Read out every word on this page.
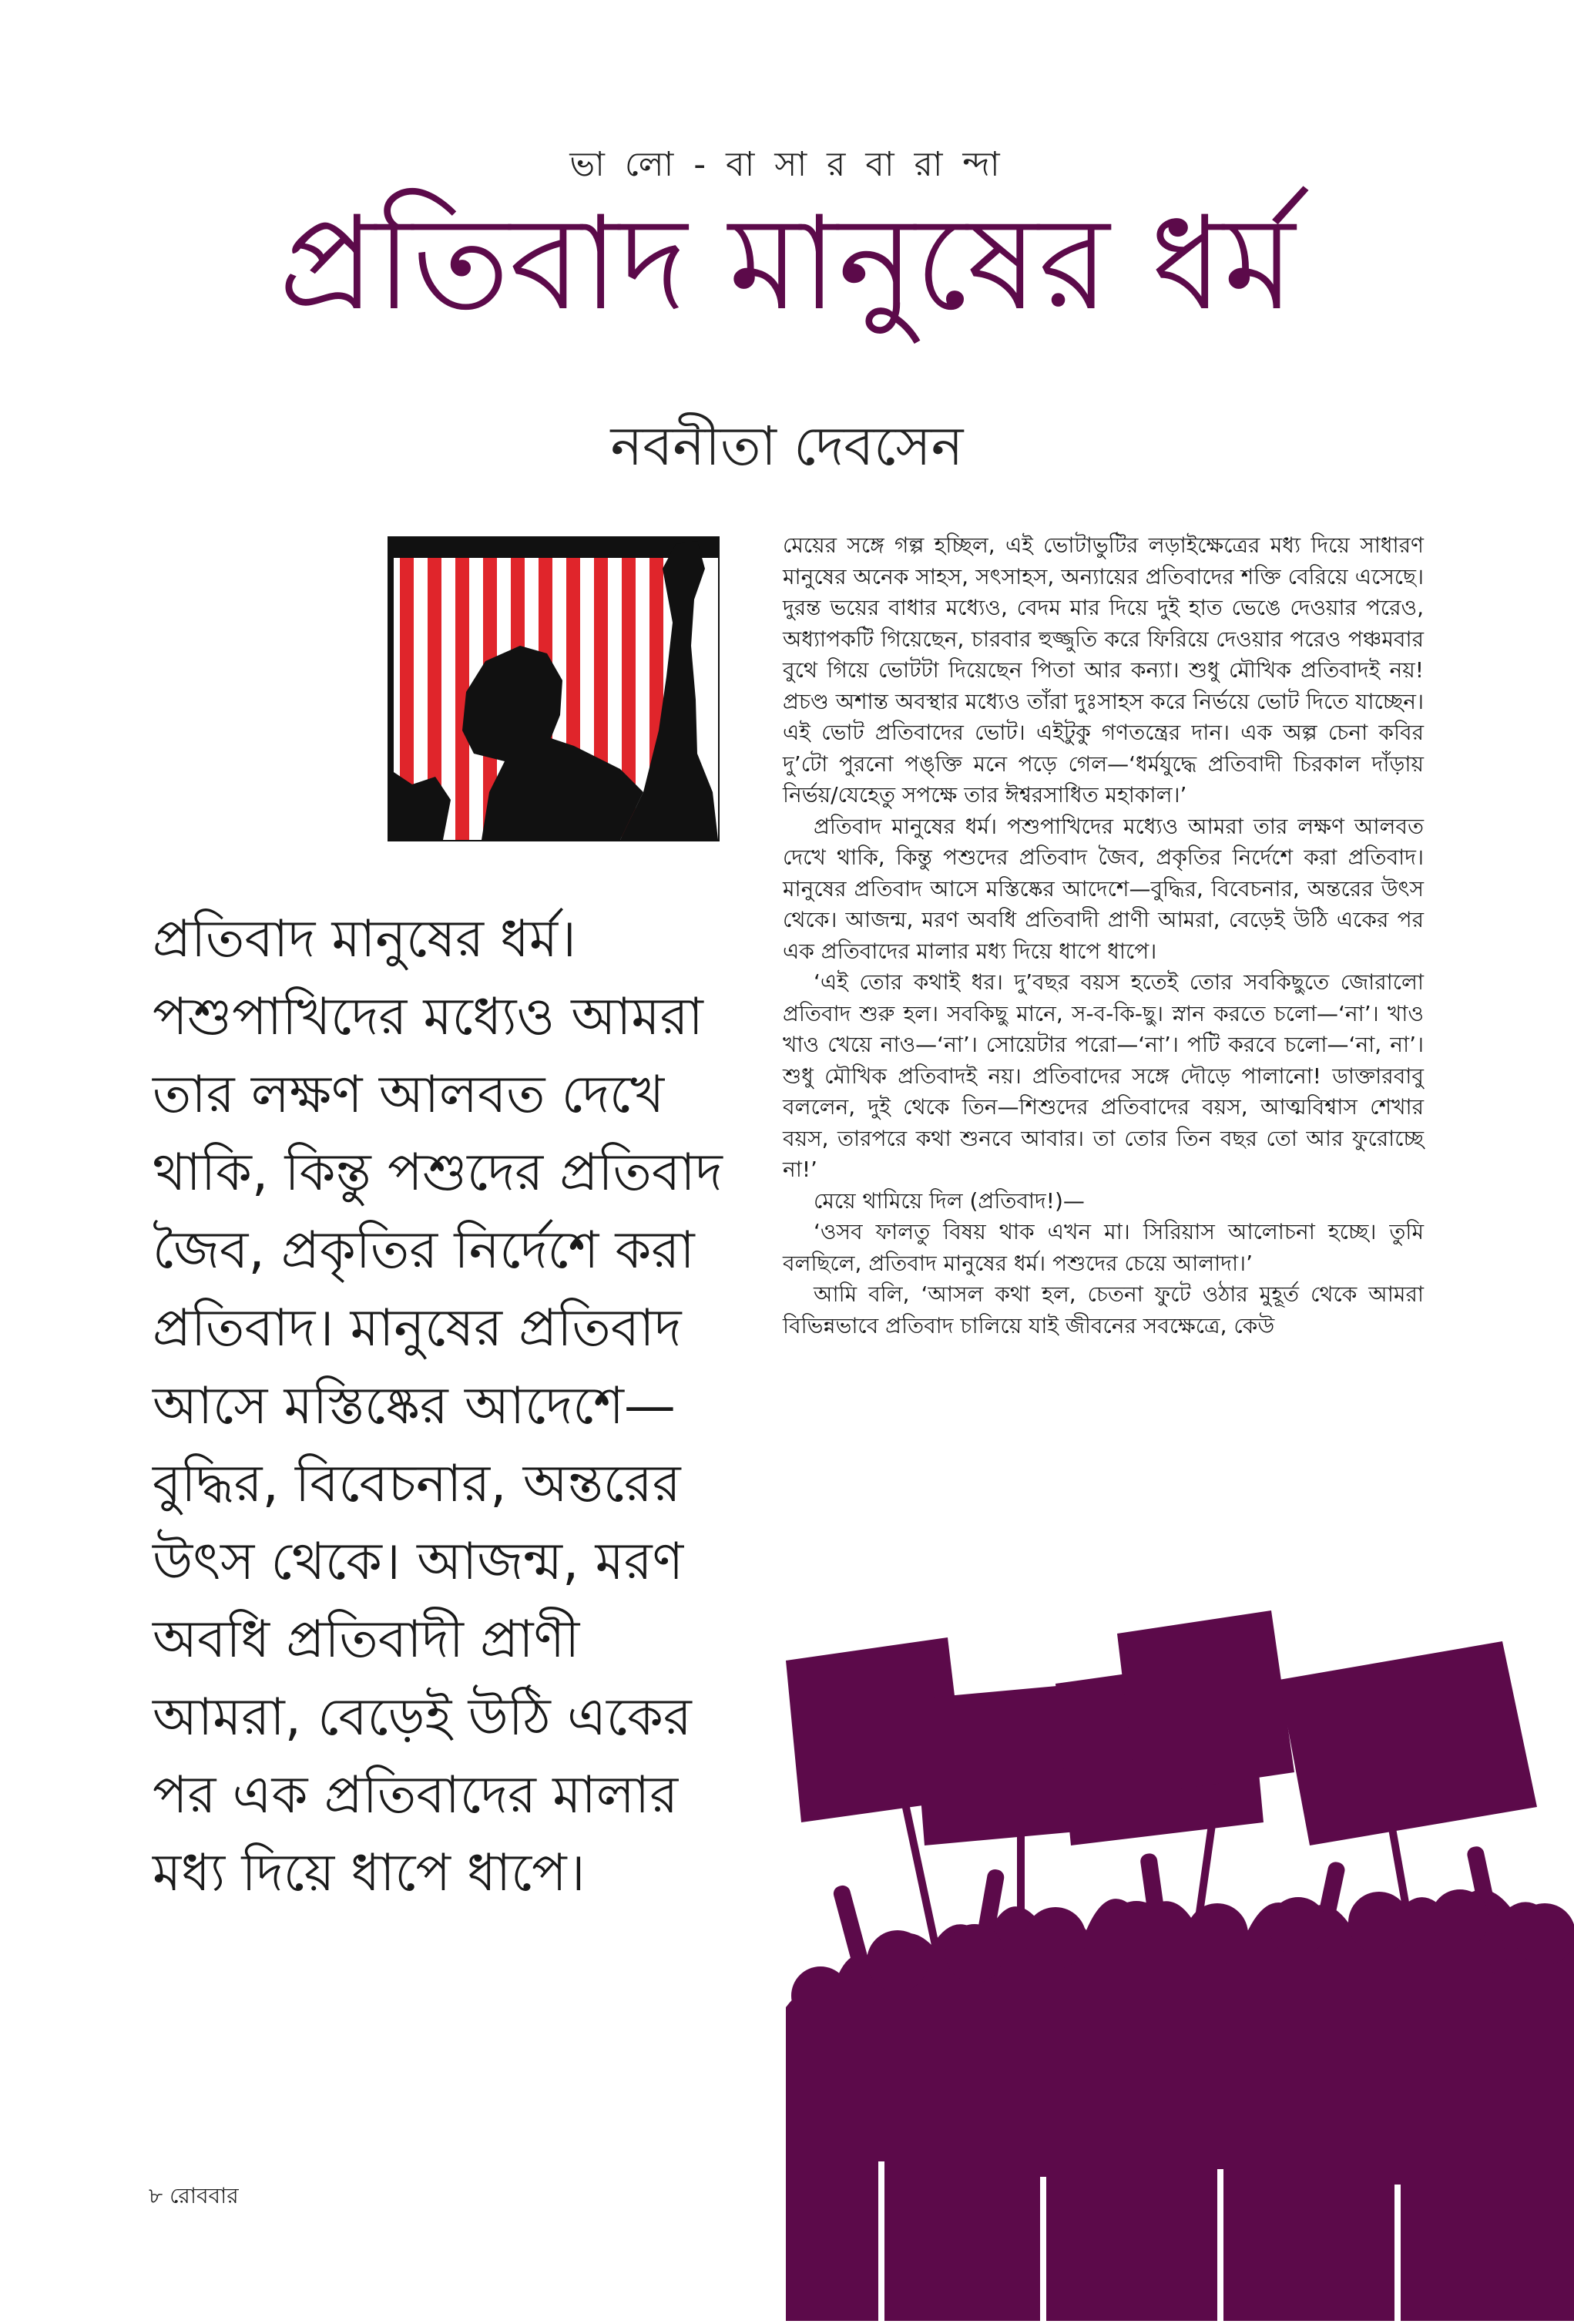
ভা লো - বা সা র বা রা ন্দা
প্রতিবাদ মানুষের ধর্ম
নবনীতা দেবসেন
প্রতিবাদ মানুষের ধর্ম। পশুপাখিদের মধ্যেও আমরা তার লক্ষণ আলবত দেখে থাকি, কিন্তু পশুদের প্রতিবাদ জৈব, প্রকৃতির নির্দেশে করা প্রতিবাদ। মানুষের প্রতিবাদ আসে মস্তিষ্কের আদেশে—বুদ্ধির, বিবেচনার, অন্তরের উৎস থেকে। আজন্ম, মরণ অবধি প্রতিবাদী প্রাণী আমরা, বেড়েই উঠি একের পর এক প্রতিবাদের মালার মধ্য দিয়ে ধাপে ধাপে।

মেয়ের সঙ্গে গল্প হচ্ছিল, এই ভোটাভুটির লড়াইক্ষেত্রের মধ্য দিয়ে সাধারণ মানুষের অনেক সাহস, সৎসাহস, অন্যায়ের প্রতিবাদের শক্তি বেরিয়ে এসেছে। দুরন্ত ভয়ের বাধার মধ্যেও, বেদম মার দিয়ে দুই হাত ভেঙে দেওয়ার পরেও, অধ্যাপকটি গিয়েছেন, চারবার হুজ্জুতি করে ফিরিয়ে দেওয়ার পরেও পঞ্চমবার বুথে গিয়ে ভোটটা দিয়েছেন পিতা আর কন্যা। শুধু মৌখিক প্রতিবাদই নয়! প্রচণ্ড অশান্ত অবস্থার মধ্যেও তাঁরা দুঃসাহস করে নির্ভয়ে ভোট দিতে যাচ্ছেন। এই ভোট প্রতিবাদের ভোট। এইটুকু গণতন্ত্রের দান। এক অল্প চেনা কবির দু’টো পুরনো পঙ্‌ক্তি মনে পড়ে গেল—‘ধর্মযুদ্ধে প্রতিবাদী চিরকাল দাঁড়ায় নির্ভয়/যেহেতু সপক্ষে তার ঈশ্বরসাধিত মহাকাল।’

প্রতিবাদ মানুষের ধর্ম। পশুপাখিদের মধ্যেও আমরা তার লক্ষণ আলবত দেখে থাকি, কিন্তু পশুদের প্রতিবাদ জৈব, প্রকৃতির নির্দেশে করা প্রতিবাদ। মানুষের প্রতিবাদ আসে মস্তিষ্কের আদেশে—বুদ্ধির, বিবেচনার, অন্তরের উৎস থেকে। আজন্ম, মরণ অবধি প্রতিবাদী প্রাণী আমরা, বেড়েই উঠি একের পর এক প্রতিবাদের মালার মধ্য দিয়ে ধাপে ধাপে।

‘এই তোর কথাই ধর। দু’বছর বয়স হতেই তোর সবকিছুতে জোরালো প্রতিবাদ শুরু হল। সবকিছু মানে, স-ব-কি-ছু। স্নান করতে চলো—‘না’। খাও খাও খেয়ে নাও—‘না’। সোয়েটার পরো—‘না’। পটি করবে চলো—‘না, না’। শুধু মৌখিক প্রতিবাদই নয়। প্রতিবাদের সঙ্গে দৌড়ে পালানো! ডাক্তারবাবু বললেন, দুই থেকে তিন—শিশুদের প্রতিবাদের বয়স, আত্মবিশ্বাস শেখার বয়স, তারপরে কথা শুনবে আবার। তা তোর তিন বছর তো আর ফুরোচ্ছে না!’

মেয়ে থামিয়ে দিল (প্রতিবাদ!)—

‘ওসব ফালতু বিষয় থাক এখন মা। সিরিয়াস আলোচনা হচ্ছে। তুমি বলছিলে, প্রতিবাদ মানুষের ধর্ম। পশুদের চেয়ে আলাদা।’

আমি বলি, ‘আসল কথা হল, চেতনা ফুটে ওঠার মুহূর্ত থেকে আমরা বিভিন্নভাবে প্রতিবাদ চালিয়ে যাই জীবনের সবক্ষেত্রে, কেউ

৮ রোববার
